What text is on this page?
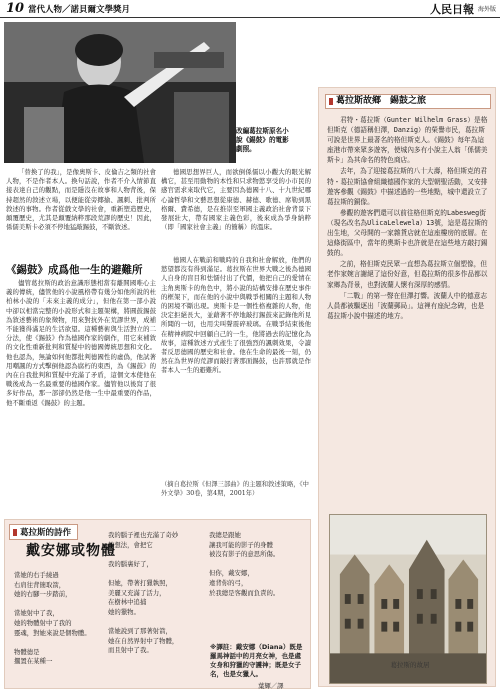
10 當代人物／諾貝爾文學獎月	人民日報 海外版
改編葛拉斯原名小說《錫鼓》的電影劇照。

「替換了的我」，是像奧斯卡、皮倫吉之類的社會人物，不是作者本人。換句話說，作者不介入情節直接表達自己的觀點，而是隱沒在故事和人物背後，保持超然的敘述立場，以便能從旁揶揄、諷刺、批判所敘述的事物。作者從戲文學的社會，重新塑造歷史，顛覆歷史，尤其是顛覆納粹那段荒謬的歷史！因此，係儒美斯卡必須不停地猛敲錫鼓，不斷敘述。

德國思想界巨人，而欲倒係儒以小觀大的眼光解構它，甚至用動物的本性和只求物慾享受的小市民的感官需求來取代它，主要因為德國十八、十九世紀哪心論哲學和文藝思想從康德、赫德、歌德、席勒到黑格爾、費希德，是在推崇至軍國主義政治社會背景下發展壯大，帶有國家主義色彩，後來成為爭身納粹（即「國家社會主義」的簡稱）的溫床。

《錫鼓》成爲他一生的避難所

儘管葛拉斯的政治意識形態相當有離開國唯心主義的傳統，儘管他的小說風格帶有幾分如他所說的杜柏林小說的「未來主義的成分」，但他在第一部小說中卻以相當完整的小說形式和主題架構，將圓鼓錫鼓為敘述藝術的象徵物，用來對抗外在荒謬世界，成補不能獲得滿足的生活欲望。這種藝術與生活對立的二分法，使《錫鼓》作為德國作家的劇作，用它來補敘的文化性重新批判和質疑中的德國傳統思想和文化。他也認為，無論如何他都批判德國性的虛偽，他試著用嘲諷的方式擊倒他認為腐朽的東西，為《錫鼓》的內在自我批判和質疑中充滿了矛盾，這個文本使他在戰後成為一名最重要的德國作家。儘管他以後寫了很多好作品，那一部卻仍然是他一生中最重要的作品，他不斷重返《錫鼓》的主題。

德國人在戰前和戰時的自我和社會解放，他們的慾望都沒有得到滿足。葛拉斯在世界大戰之後為德國人自身的盲目和怯懦付出了代價，他把自己的愛情在主角奧斯卡的角色中，將小說的結構安排在歷史事件的框架下，而在他的小說中與戰爭相關的主題和人物的困境不斷出現。奧斯卡是一個性格複雜的人物，他決定拒絕長大，並藉著不停地敲打錫鼓來記錄他所見所聞的一切，也用尖叫聲震碎玻璃。在戰爭結束後他在精神病院中回顧自己的一生，他將過去的記憶化為故事，這種敘述方式產生了很強烈的諷刺效果，令讀者反思德國的歷史和社會。他在生命的最後一刻，仍然在為世界的荒謬而敲打著那面錫鼓，也許那就是作者本人一生的避難所。

（摘自葛拉斯《但澤三部曲》的主題和敘述策略，《中外文學》30卷，第4期，2001年）
葛拉斯故鄉　錫鼓之旅

君特・葛拉斯（Gunter Wilhelm Grass）是格但斯克（德語稱但澤，Danzig）的榮譽市民，葛拉斯可說是世界上最著名的格但斯克人。《錫鼓》每年為這座港市帶來眾多遊客，使城內多有小說主人翁「係儒美斯卡」為其命名的特色商店。

去年，為了迎接葛拉斯的八十大壽，格但斯克的君特・葛拉斯協會組織德國作家的大型朝聖活動，又安排遊客參觀《錫鼓》中描述過的一些地點，城中還設立了葛拉斯的銅像。

參觀的遊客們還可以前往格但斯克的Labesweg街（現名改名為UlicaLelewela）13號，這是葛拉斯的出生地，父母開的一家雜貨店就在這座樓房的底層。在這條街區中，當年的奧斯卡也許就是在這些地方敲打錫鼓的。

之前，格但斯克民眾一直想為葛拉斯立個塑像，但老作家婉言謝絕了這份好意，但葛拉斯的很多作品都以家鄉為背景，也對波蘭人懷有深厚的感情。

「二戰」的第一聲在但澤打響。波蘭人中的德意志人員都被驅逐出「波蘭郵局」。這裡有座紀念碑，也是葛拉斯小說中描述的地方。

葛拉斯的故居
葛拉斯的詩作
戴安娜或物體
當她的右手繞過
右肩往背簡取箭，
她的右腳一步踏前，

當她射中了我，
她的物體射中了我的
靈魂，對她來說是個物體。

物體德是
擱置在某種一
我的腦子裡也充滿了奇妙
的想法，會把它

我的腦裏好了，

但她，帶著打獵執照，
美麗又充滿了活力，
在樹林中追捕
她的獵物。

當她說到了那著射箭，
她在自然界射中了物體，
而且射中了我。
我總是跟她
讓我可能的影子的身體
被沒有影子的意思所傷。

但你，戴安娜，
違背你的弓，
於我總是客觀而負責的。
※譯註：戴安娜（Diana）既是羅馬神話中的月亮女神，也是處女身和狩獵的守護神；既是女子名，也是女獵人。
葉輝／譯
